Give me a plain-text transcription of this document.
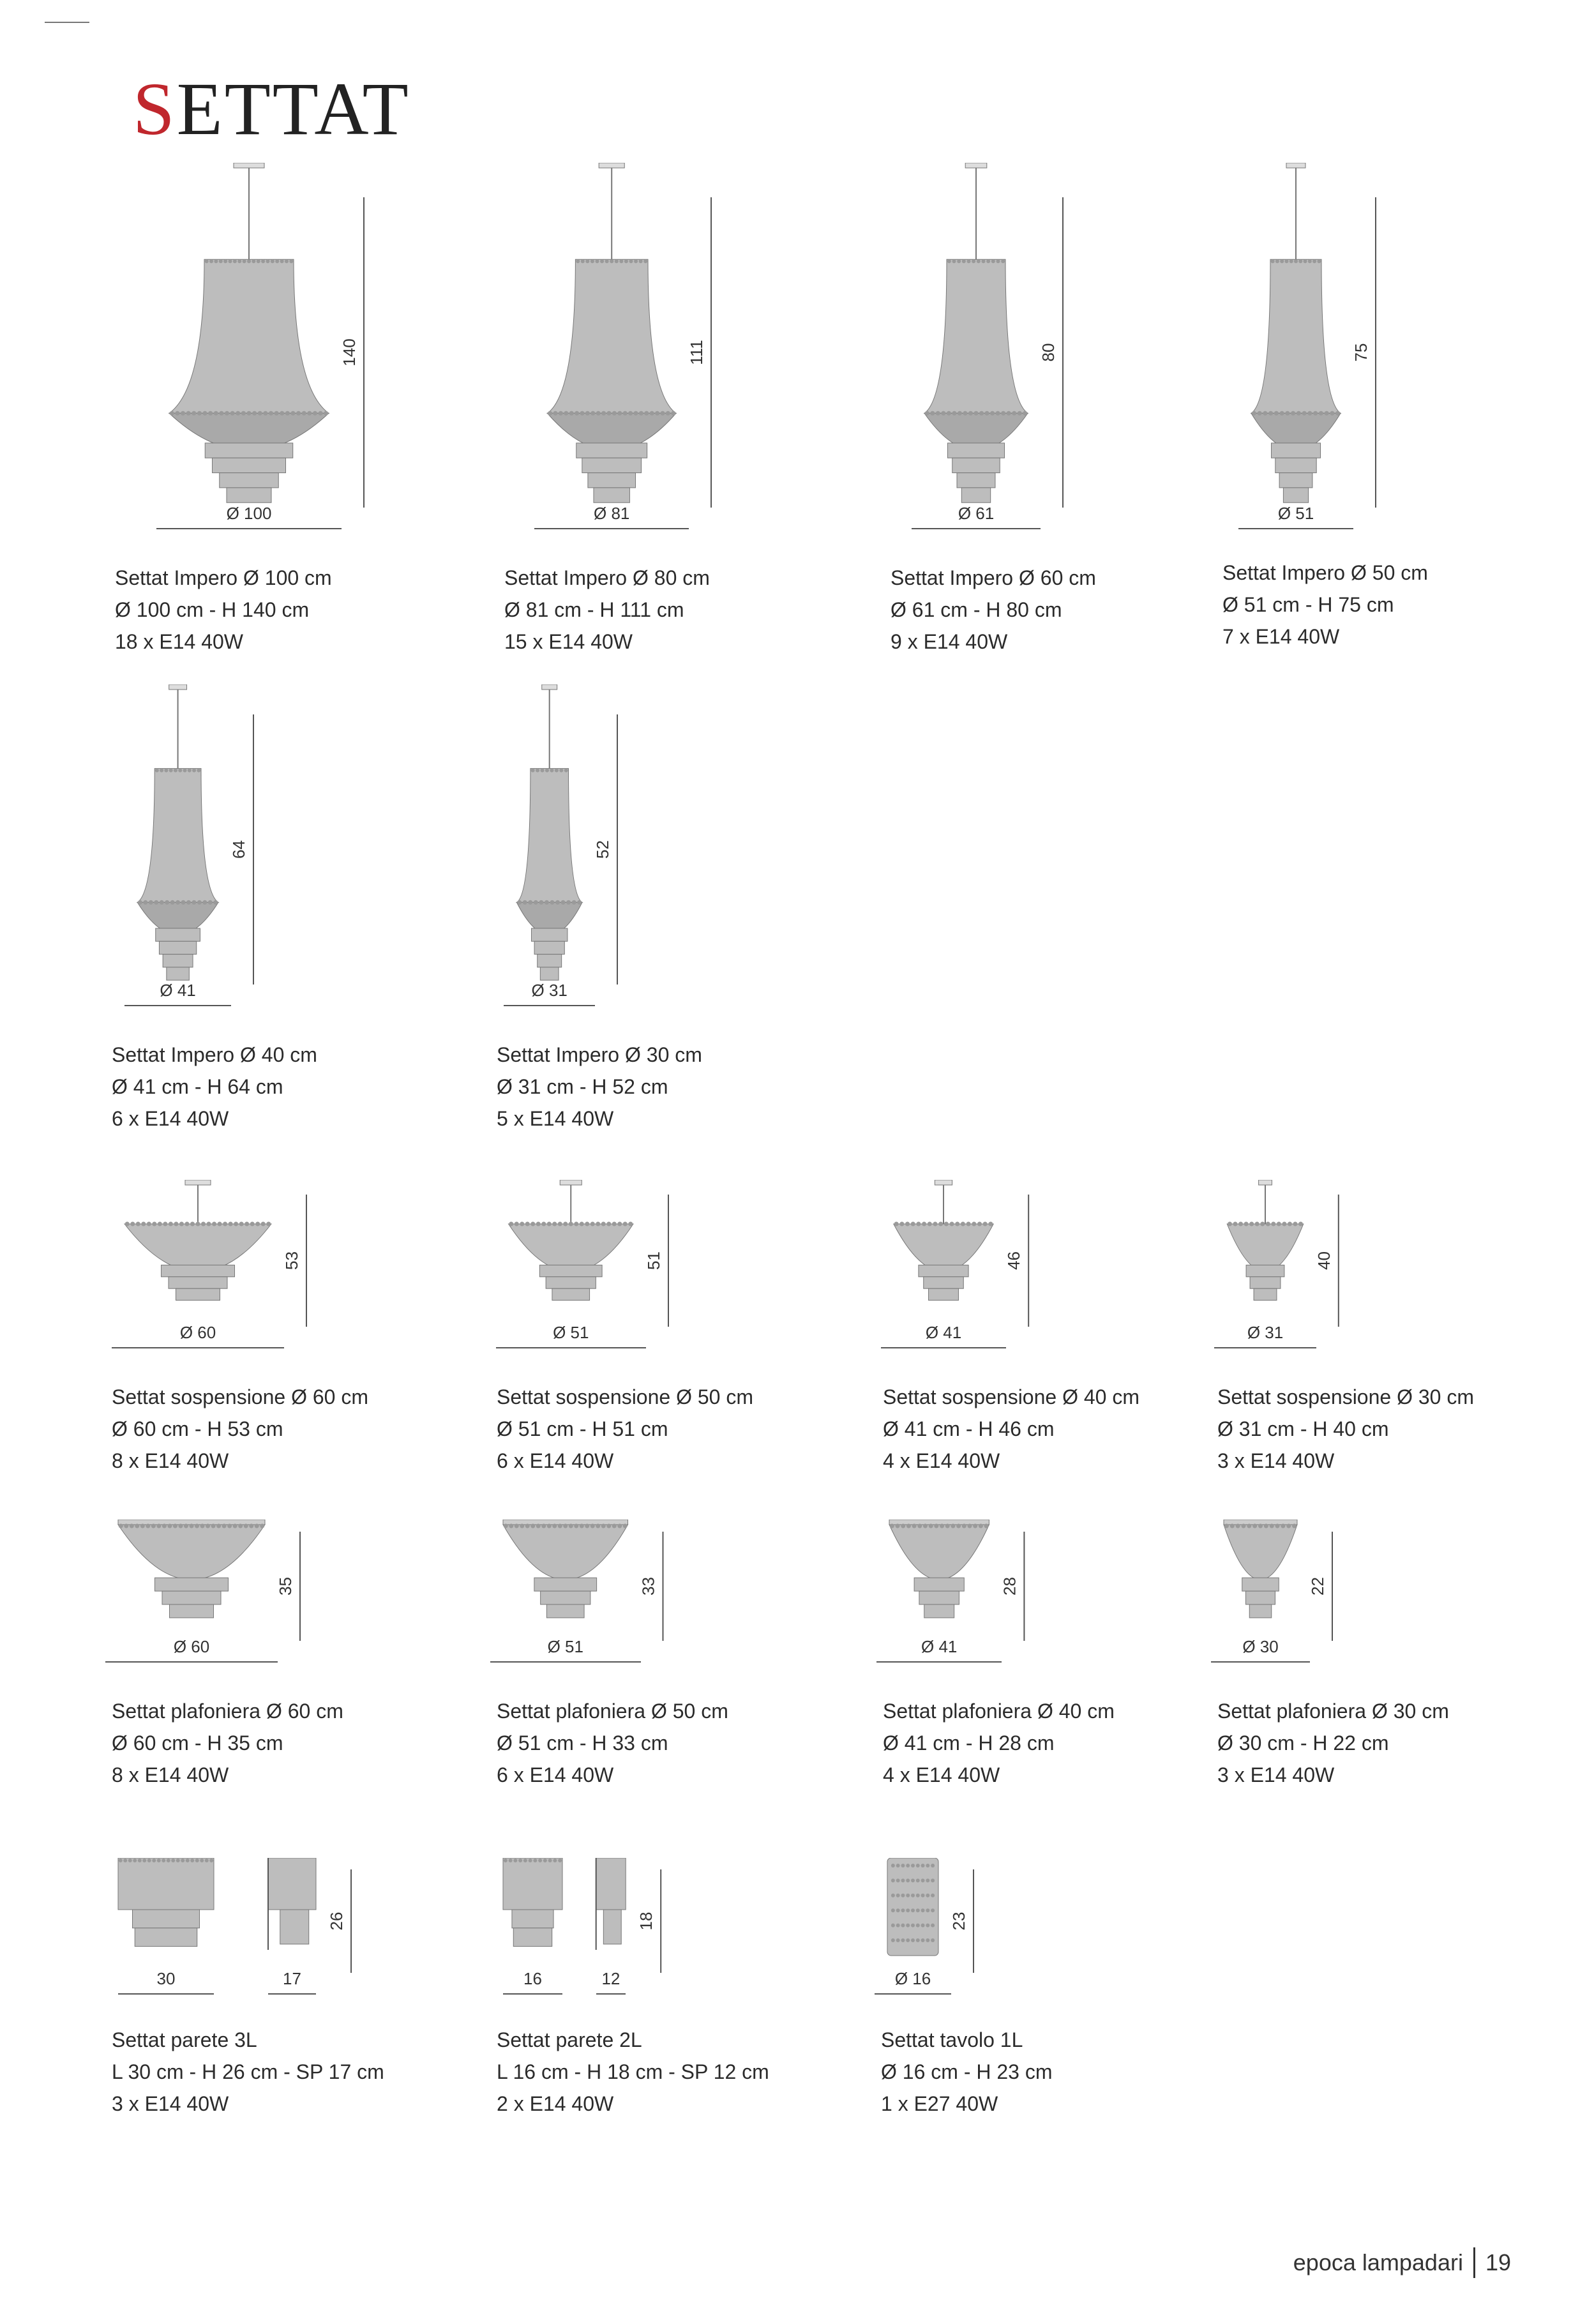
SETTAT
140
Ø 100
Settat Impero Ø 100 cm
Ø 100 cm - H 140 cm
18 x E14 40W
111
Ø 81
Settat Impero Ø 80 cm
Ø 81 cm - H 111 cm
15 x E14 40W
80
Ø 61
Settat Impero Ø 60 cm
Ø 61 cm - H 80 cm
9 x E14 40W
75
Ø 51
Settat Impero Ø 50 cm
Ø 51 cm - H 75 cm
7 x E14 40W
64
Ø 41
Settat Impero Ø 40 cm
Ø 41 cm - H 64 cm
6 x E14 40W
52
Ø 31
Settat Impero Ø 30 cm
Ø 31 cm - H 52 cm
5 x E14 40W
53
Ø 60
Settat sospensione Ø 60 cm
Ø 60 cm - H 53 cm
8 x E14 40W
51
Ø 51
Settat sospensione Ø 50 cm
Ø 51 cm - H 51 cm
6 x E14 40W
46
Ø 41
Settat sospensione Ø 40 cm
Ø 41 cm - H 46 cm
4 x E14 40W
40
Ø 31
Settat sospensione Ø 30 cm
Ø 31 cm - H 40 cm
3 x E14 40W
35
Ø 60
Settat plafoniera Ø 60 cm
Ø 60 cm - H 35 cm
8 x E14 40W
33
Ø 51
Settat plafoniera Ø 50 cm
Ø 51 cm - H 33 cm
6 x E14 40W
28
Ø 41
Settat plafoniera Ø 40 cm
Ø 41 cm - H 28 cm
4 x E14 40W
22
Ø 30
Settat plafoniera Ø 30 cm
Ø 30 cm - H 22 cm
3 x E14 40W
26
30	17
Settat parete 3L
L 30 cm - H 26 cm - SP 17 cm
3 x E14 40W
18
16	12
Settat parete 2L
L 16 cm - H 18 cm - SP 12 cm
2 x E14 40W
23
Ø 16
Settat tavolo 1L
Ø 16 cm - H 23 cm
1 x E27 40W
epoca lampadari 19
